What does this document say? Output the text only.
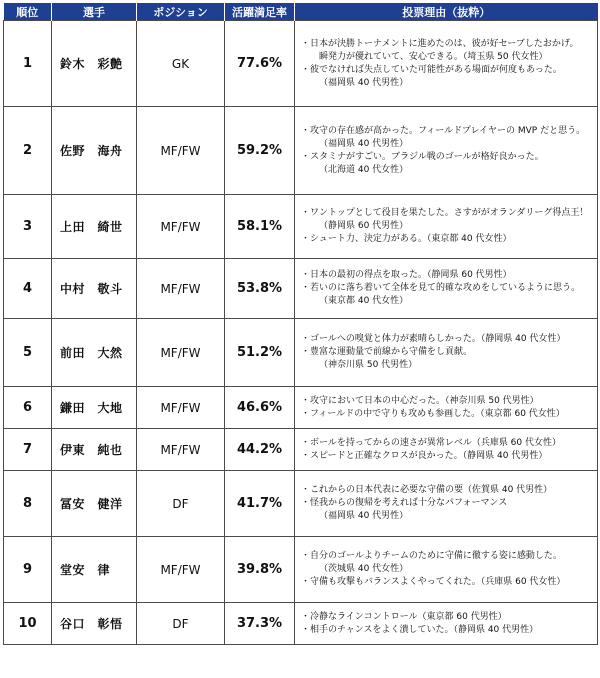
順位	選手	ポジション	活躍満足率	投票理由（抜粋）
1	鈴木　彩艶	GK	77.6%	・日本が決勝トーナメントに進めたのは、彼が好セーブしたおかげ。
瞬発力が優れていて、安心できる。（埼玉県 50 代女性）
・彼でなければ失点していた可能性がある場面が何度もあった。
（福岡県 40 代男性）

2	佐野　海舟	MF/FW	59.2%	・攻守の存在感が高かった。フィールドプレイヤーの MVP だと思う。
（福岡県 40 代男性）
・スタミナがすごい。ブラジル戦のゴールが格好良かった。
（北海道 40 代女性）

3	上田　綺世	MF/FW	58.1%	・ワントップとして役目を果たした。さすががオランダリーグ得点王！
（静岡県 60 代男性）
・シュート力、決定力がある。（東京都 40 代女性）

4	中村　敬斗	MF/FW	53.8%	・日本の最初の得点を取った。（静岡県 60 代男性）
・若いのに落ち着いて全体を見て的確な攻めをしているように思う。
（東京都 40 代女性）

5	前田　大然	MF/FW	51.2%	・ゴールへの嗅覚と体力が素晴らしかった。（静岡県 40 代女性）
・豊富な運動量で前線から守備をし貢献。
（神奈川県 50 代男性）

6	鎌田　大地	MF/FW	46.6%	・攻守において日本の中心だった。（神奈川県 50 代男性）
・フィールドの中で守りも攻めも参画した。（東京都 60 代女性）

7	伊東　純也	MF/FW	44.2%	・ボールを持ってからの速さが異常レベル（兵庫県 60 代女性）
・スピードと正確なクロスが良かった。（静岡県 40 代男性）

8	冨安　健洋	DF	41.7%	・これからの日本代表に必要な守備の要（佐賀県 40 代男性）
・怪我からの復帰を考えれば十分なパフォーマンス
（福岡県 40 代男性）

9	堂安　律	MF/FW	39.8%	・自分のゴールよりチームのために守備に徹する姿に感動した。
（茨城県 40 代女性）
・守備も攻撃もバランスよくやってくれた。（兵庫県 60 代女性）

10	谷口　彰悟	DF	37.3%	・冷静なラインコントロール（東京都 60 代男性）
・相手のチャンスをよく潰していた。（静岡県 40 代男性）
